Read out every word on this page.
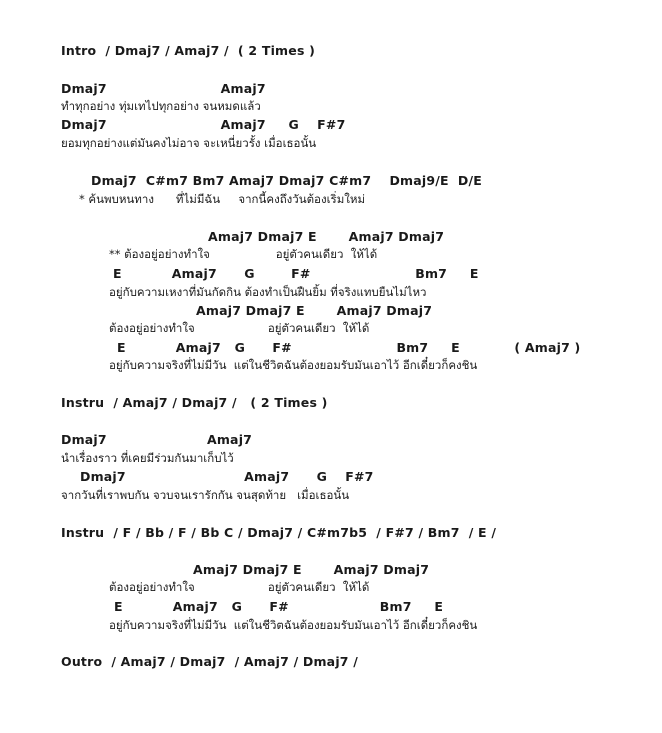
Intro  / Dmaj7 / Amaj7 /  ( 2 Times )

Dmaj7                         Amaj7

ทำทุกอย่าง ทุ่มเทไปทุกอย่าง จนหมดแล้ว

Dmaj7                         Amaj7     G    F#7

ยอมทุกอย่างแต่มันคงไม่อาจ จะเหนี่ยวรั้ง เมื่อเธอนั้น

Dmaj7  C#m7 Bm7 Amaj7 Dmaj7 C#m7    Dmaj9/E  D/E

* ค้นพบหนทาง      ที่ไม่มีฉัน     จากนี้คงถึงวันต้องเริ่มใหม่

Amaj7 Dmaj7 E       Amaj7 Dmaj7

** ต้องอยู่อย่างทำใจ                  อยู่ตัวคนเดียว  ให้ได้

E           Amaj7      G        F#                       Bm7     E

อยู่กับความเหงาที่มันกัดกิน ต้องทำเป็นฝืนยิ้ม ที่จริงแทบยืนไม่ไหว

Amaj7 Dmaj7 E       Amaj7 Dmaj7

ต้องอยู่อย่างทำใจ                    อยู่ตัวคนเดียว  ให้ได้

E           Amaj7   G      F#                       Bm7     E            ( Amaj7 )

อยู่กับความจริงที่ไม่มีวัน  แต่ในชีวิตฉันต้องยอมรับมันเอาไว้ อีกเดี๋ยวก็คงชิน

Instru  / Amaj7 / Dmaj7 /   ( 2 Times )

Dmaj7                      Amaj7

นำเรื่องราว ที่เคยมีร่วมกันมาเก็บไว้

Dmaj7                          Amaj7      G    F#7

จากวันที่เราพบกัน จวบจนเรารักกัน จนสุดท้าย   เมื่อเธอนั้น

Instru  / F / Bb / F / Bb C / Dmaj7 / C#m7b5  / F#7 / Bm7  / E /

Amaj7 Dmaj7 E       Amaj7 Dmaj7

ต้องอยู่อย่างทำใจ                    อยู่ตัวคนเดียว  ให้ได้

E           Amaj7   G      F#                    Bm7     E

อยู่กับความจริงที่ไม่มีวัน  แต่ในชีวิตฉันต้องยอมรับมันเอาไว้ อีกเดี๋ยวก็คงชิน

Outro  / Amaj7 / Dmaj7  / Amaj7 / Dmaj7 /
